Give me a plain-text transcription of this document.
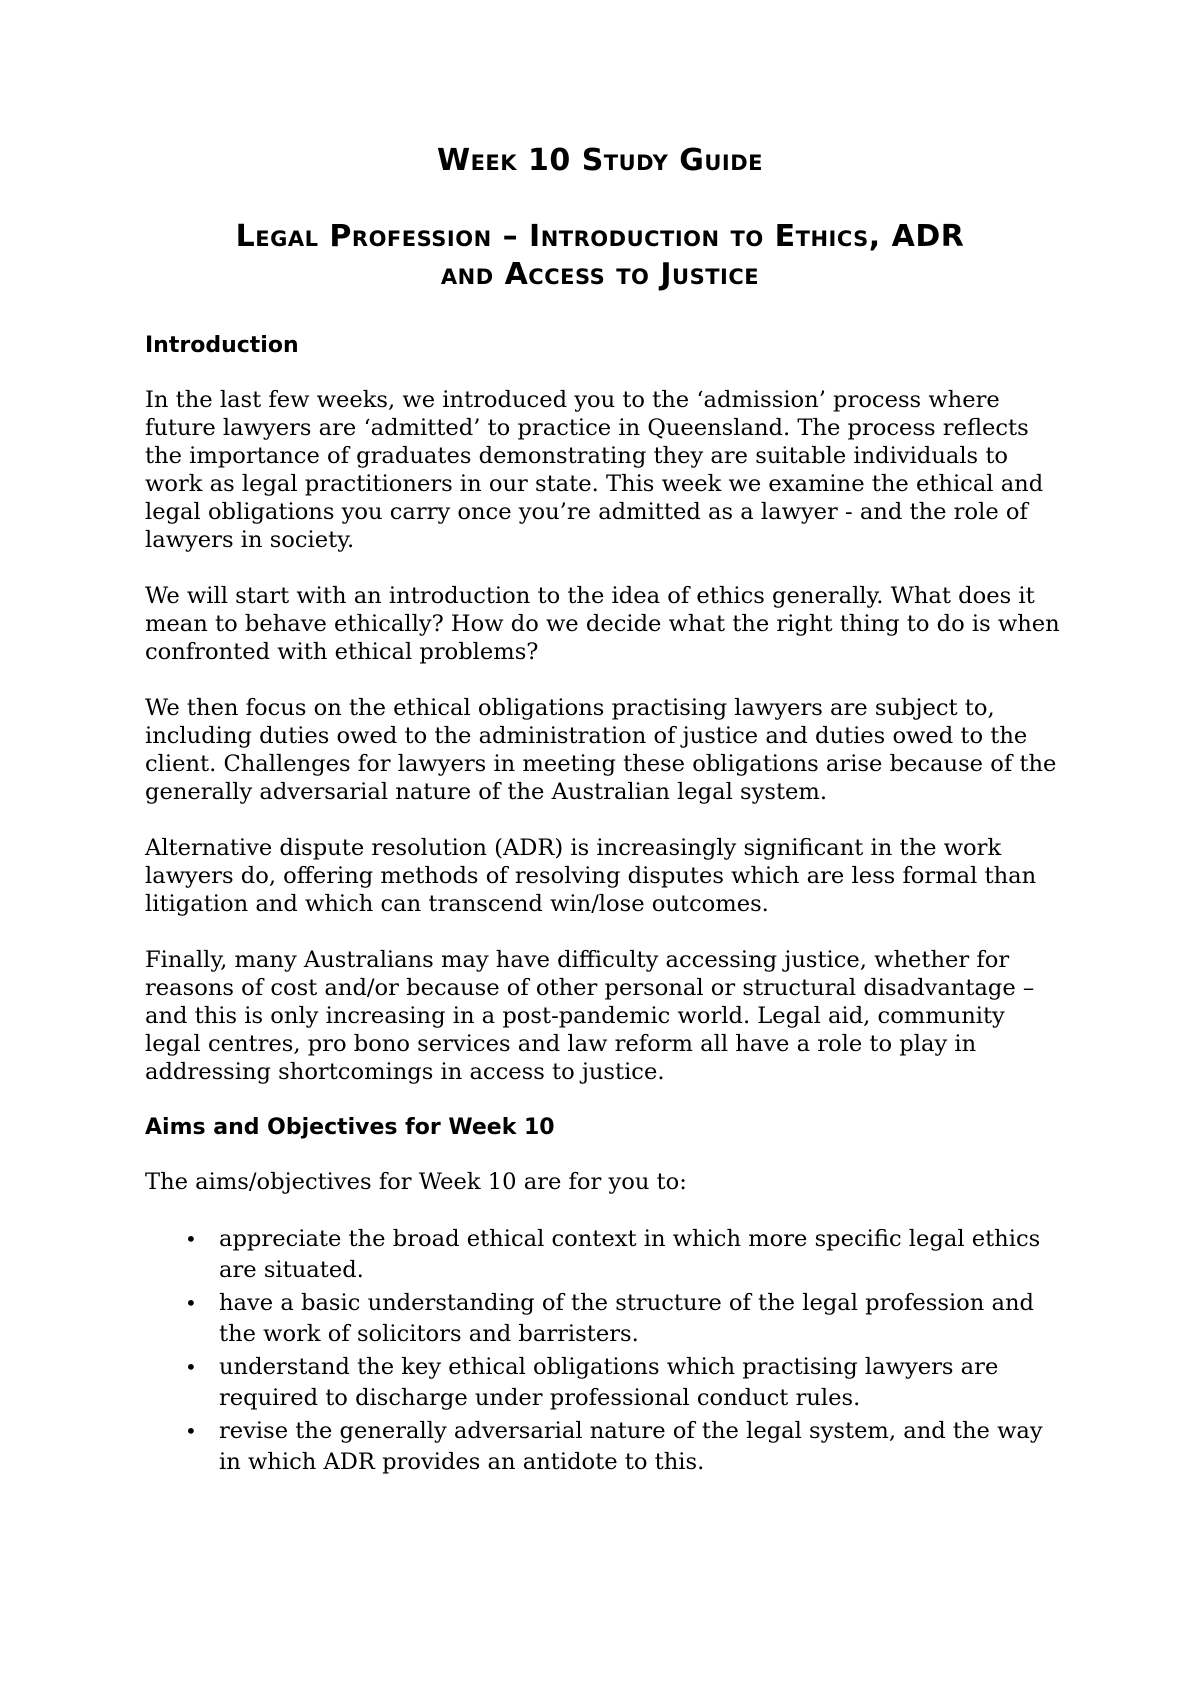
Week 10 Study Guide
Legal Profession – Introduction to Ethics, ADR and Access to Justice
Introduction

In the last few weeks, we introduced you to the ‘admission’ process where future lawyers are ‘admitted’ to practice in Queensland. The process reflects the importance of graduates demonstrating they are suitable individuals to work as legal practitioners in our state. This week we examine the ethical and legal obligations you carry once you’re admitted as a lawyer - and the role of lawyers in society.

We will start with an introduction to the idea of ethics generally. What does it mean to behave ethically? How do we decide what the right thing to do is when confronted with ethical problems?

We then focus on the ethical obligations practising lawyers are subject to, including duties owed to the administration of justice and duties owed to the client. Challenges for lawyers in meeting these obligations arise because of the generally adversarial nature of the Australian legal system.

Alternative dispute resolution (ADR) is increasingly significant in the work lawyers do, offering methods of resolving disputes which are less formal than litigation and which can transcend win/lose outcomes.

Finally, many Australians may have difficulty accessing justice, whether for reasons of cost and/or because of other personal or structural disadvantage – and this is only increasing in a post-pandemic world. Legal aid, community legal centres, pro bono services and law reform all have a role to play in addressing shortcomings in access to justice.

Aims and Objectives for Week 10

The aims/objectives for Week 10 are for you to:

• appreciate the broad ethical context in which more specific legal ethics are situated.
• have a basic understanding of the structure of the legal profession and the work of solicitors and barristers.
• understand the key ethical obligations which practising lawyers are required to discharge under professional conduct rules.
• revise the generally adversarial nature of the legal system, and the way in which ADR provides an antidote to this.
